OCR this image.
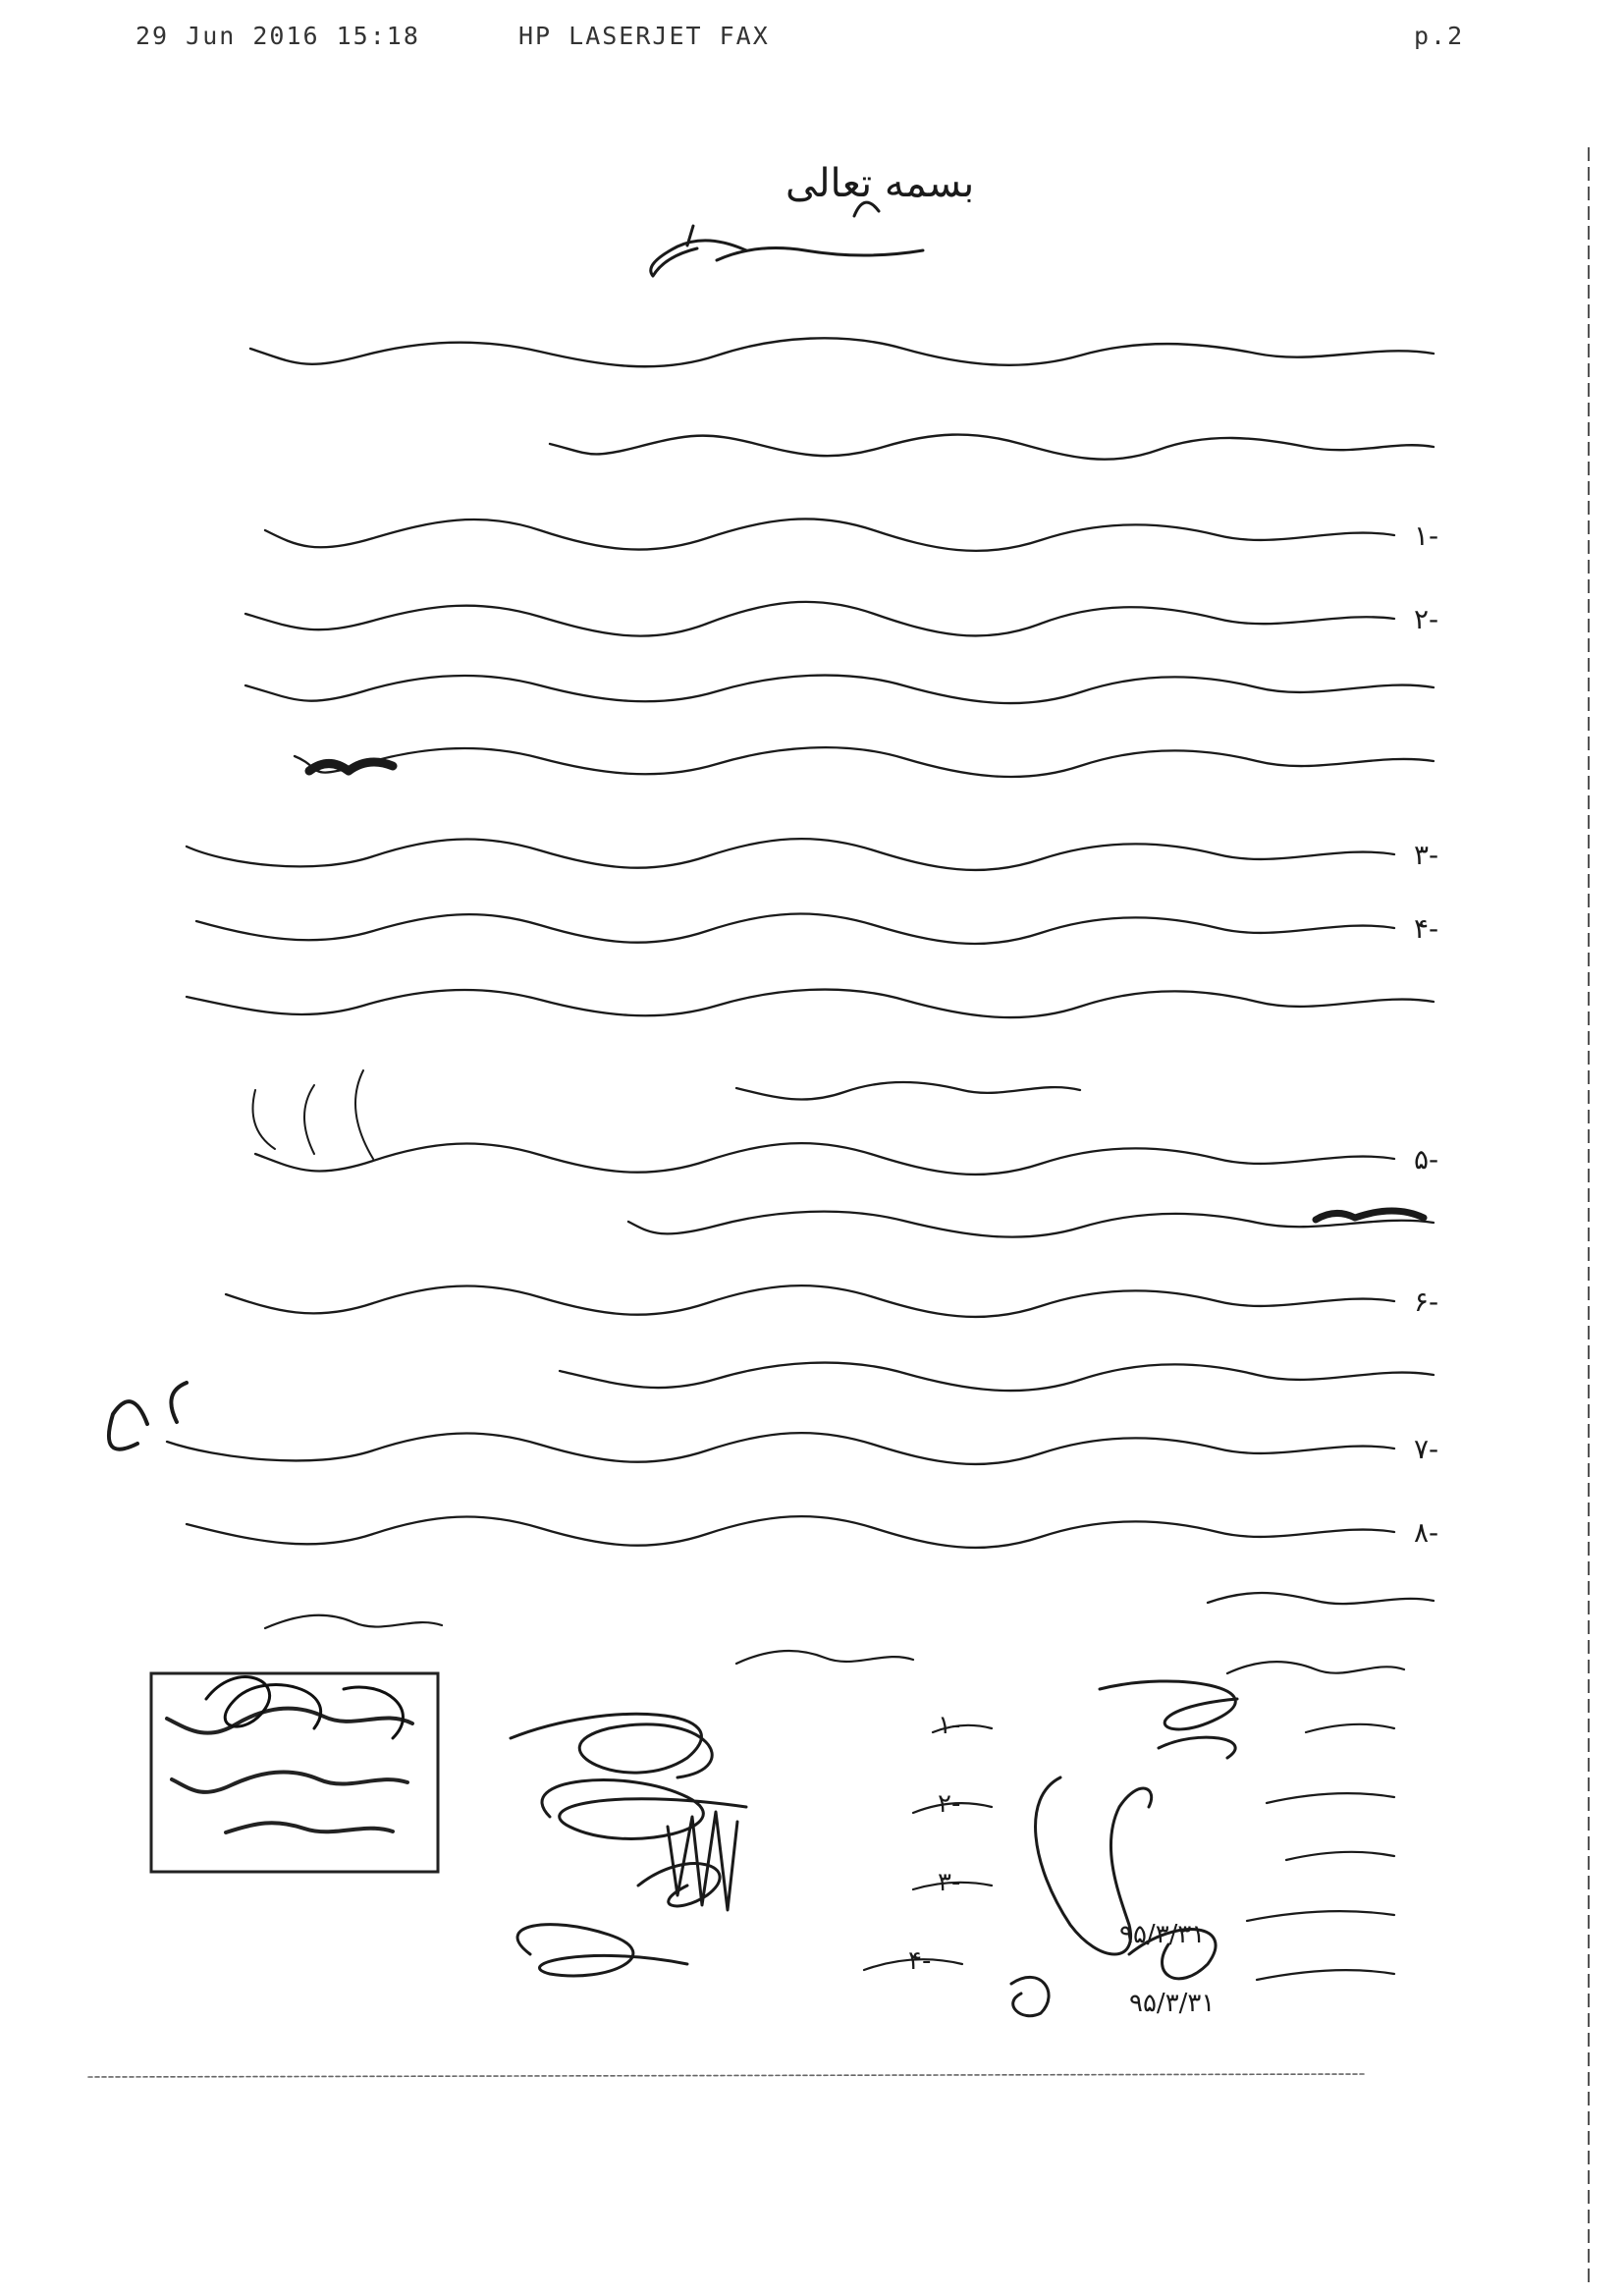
29 Jun 2016 15:18	HP LASERJET FAX	p.2
۱-
۲-
۳-
۴-
۵-
۶-
۷-
۸-
۱-
۲-
۳-
۴-
بسمه تعالی
۹۵/۳/۳۱
۹۵/۳/۳۱
